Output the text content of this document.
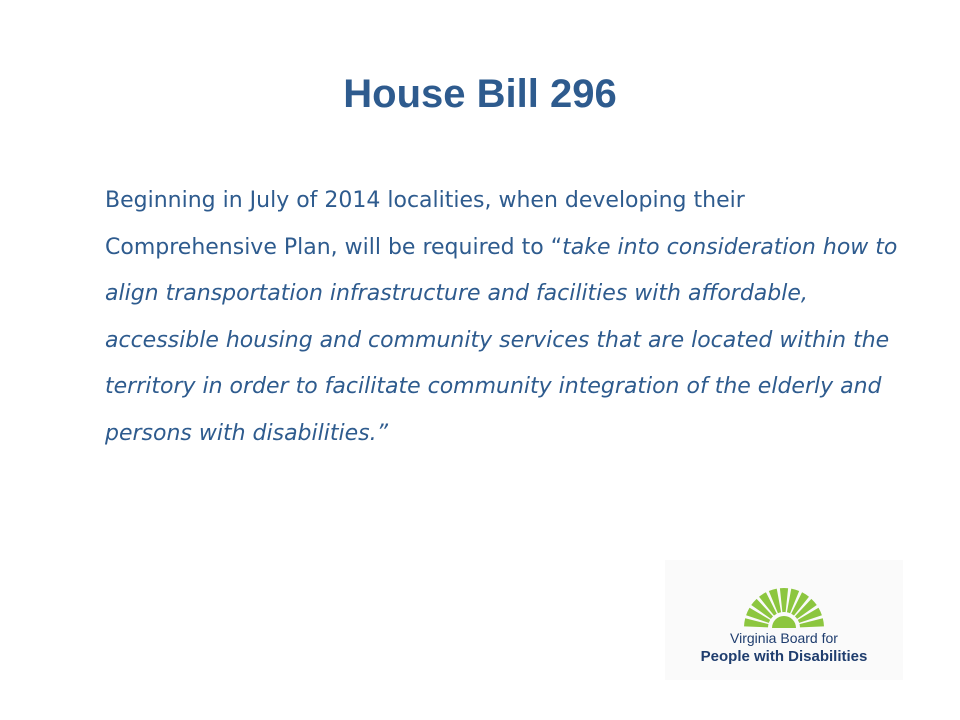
House Bill 296
Beginning in July of 2014 localities, when developing their Comprehensive Plan, will be required to “take into consideration how to align transportation infrastructure and facilities with affordable, accessible housing and community services that are located within the territory in order to facilitate community integration of the elderly and persons with disabilities.”
Virginia Board for
People with Disabilities
